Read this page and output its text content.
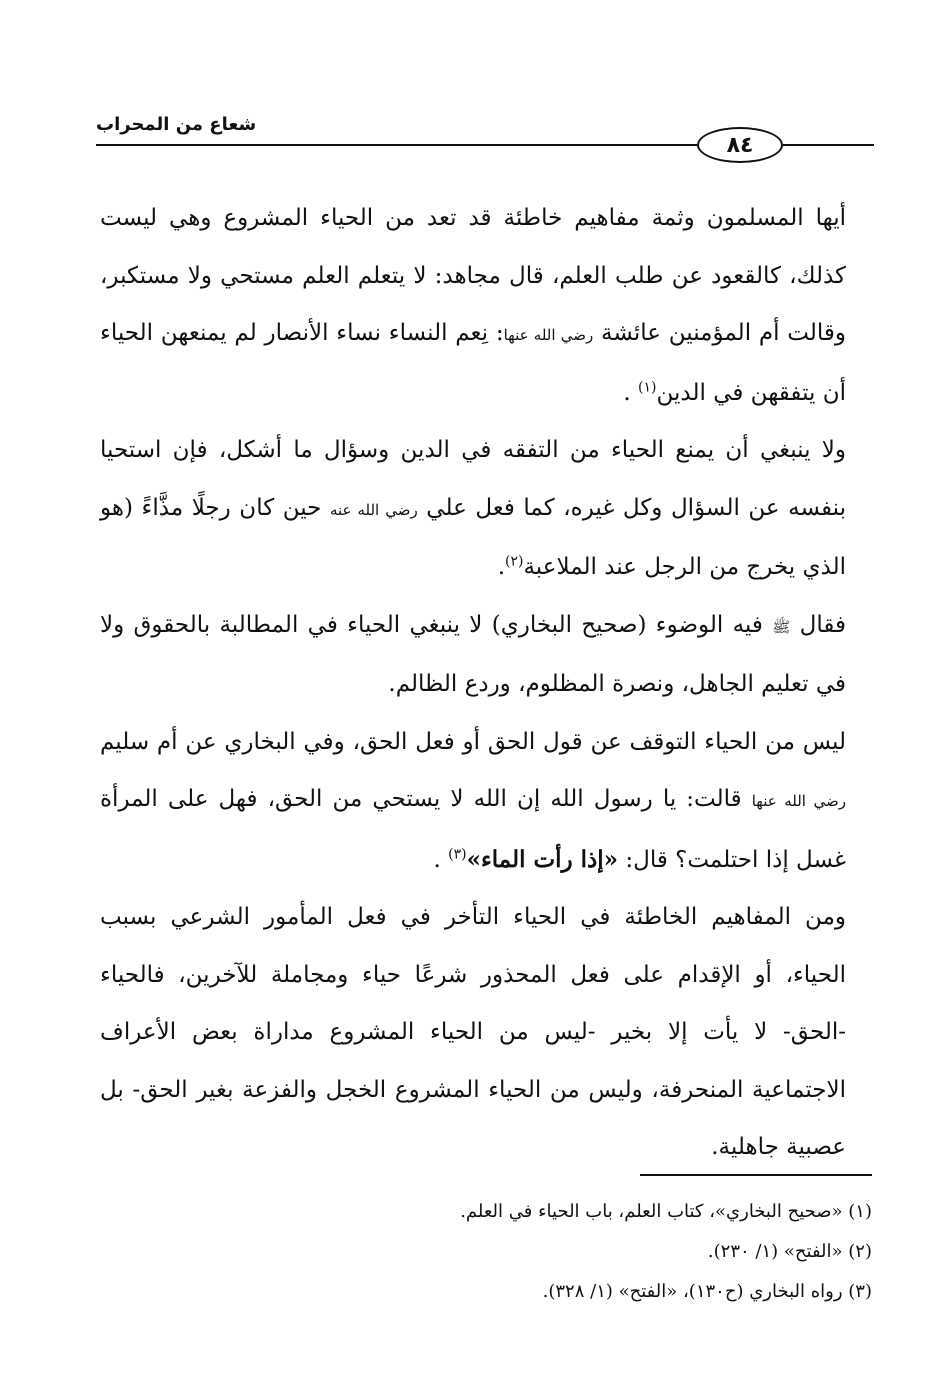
شعاع من المحراب
٨٤

أيها المسلمون وثمة مفاهيم خاطئة قد تعد من الحياء المشروع وهي ليست كذلك، كالقعود عن طلب العلم، قال مجاهد: لا يتعلم العلم مستحي ولا مستكبر، وقالت أم المؤمنين عائشة رضي الله عنها: نِعم النساء نساء الأنصار لم يمنعهن الحياء أن يتفقهن في الدين$^{(١)}$ .

ولا ينبغي أن يمنع الحياء من التفقه في الدين وسؤال ما أشكل، فإن استحيا بنفسه عن السؤال وكل غيره، كما فعل علي رضي الله عنه حين كان رجلًا مذَّاءً (هو الذي يخرج من الرجل عند الملاعبة$^{(٢)}$.

فقال ﷺ فيه الوضوء (صحيح البخاري) لا ينبغي الحياء في المطالبة بالحقوق ولا في تعليم الجاهل، ونصرة المظلوم، وردع الظالم.

ليس من الحياء التوقف عن قول الحق أو فعل الحق، وفي البخاري عن أم سليم رضي الله عنها قالت: يا رسول الله إن الله لا يستحي من الحق، فهل على المرأة غسل إذا احتلمت؟ قال: «إذا رأت الماء»$^{(٣)}$ .

ومن المفاهيم الخاطئة في الحياء التأخر في فعل المأمور الشرعي بسبب الحياء، أو الإقدام على فعل المحذور شرعًا حياء ومجاملة للآخرين، فالحياء -الحق- لا يأت إلا بخير -ليس من الحياء المشروع مداراة بعض الأعراف الاجتماعية المنحرفة، وليس من الحياء المشروع الخجل والفزعة بغير الحق- بل عصبية جاهلية.

(١) «صحيح البخاري»، كتاب العلم، باب الحياء في العلم.
(٢) «الفتح» (١/ ٢٣٠).
(٣) رواه البخاري (ح١٣٠)، «الفتح» (١/ ٣٢٨).
